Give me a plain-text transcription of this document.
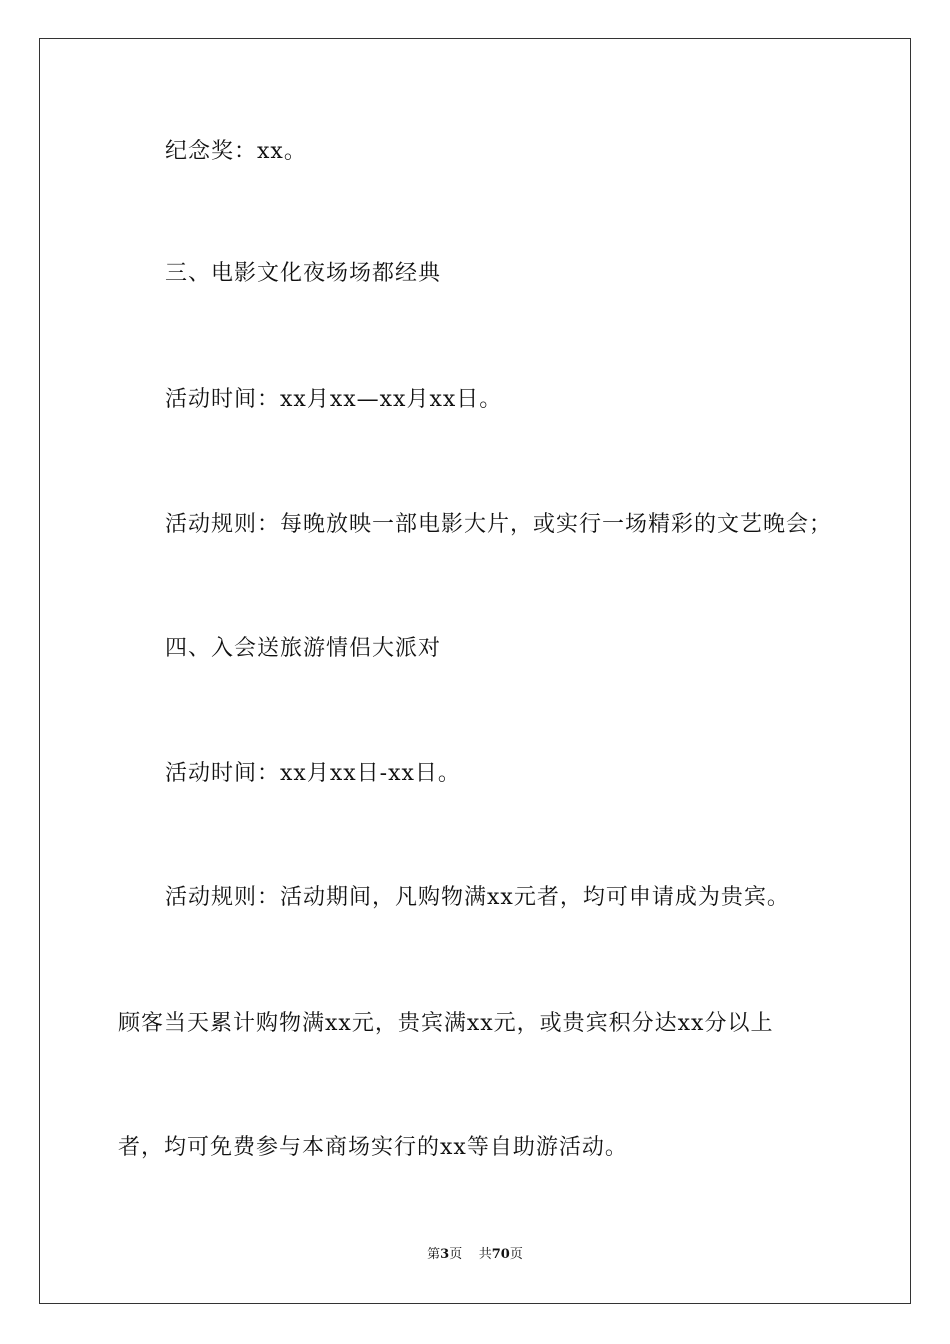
纪念奖：xx。
三、电影文化夜场场都经典
活动时间：xx月xx—xx月xx日。
活动规则：每晚放映一部电影大片，或实行一场精彩的文艺晚会；
四、入会送旅游情侣大派对
活动时间：xx月xx日-xx日。
活动规则：活动期间，凡购物满xx元者，均可申请成为贵宾。
顾客当天累计购物满xx元，贵宾满xx元，或贵宾积分达xx分以上
者，均可免费参与本商场实行的xx等自助游活动。
第3页 共70页
